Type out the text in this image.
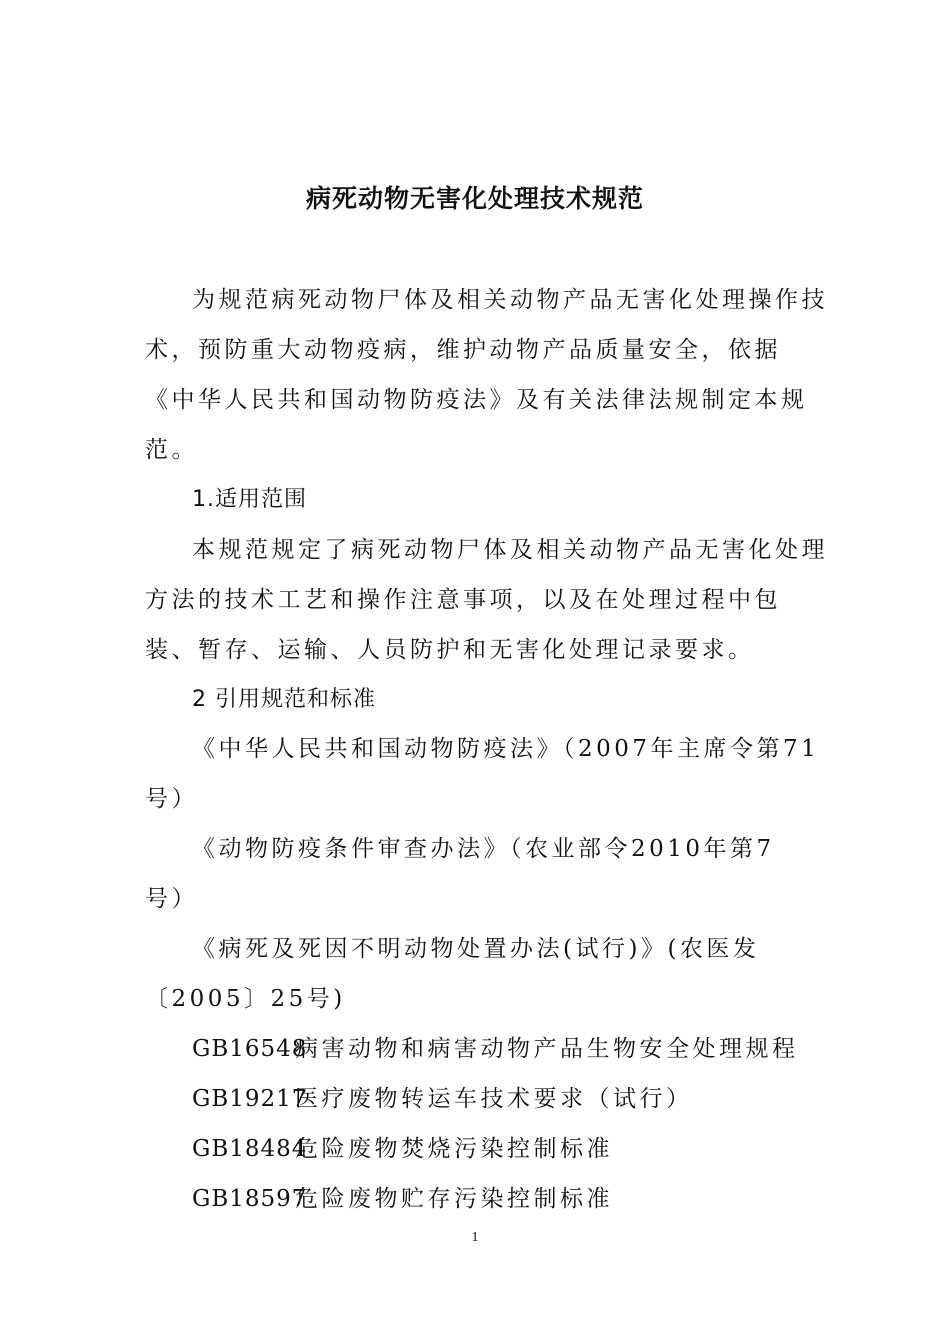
病死动物无害化处理技术规范

为规范病死动物尸体及相关动物产品无害化处理操作技

术，预防重大动物疫病，维护动物产品质量安全，依据

《中华人民共和国动物防疫法》及有关法律法规制定本规

范。

1.适用范围

本规范规定了病死动物尸体及相关动物产品无害化处理

方法的技术工艺和操作注意事项，以及在处理过程中包

装、暂存、运输、人员防护和无害化处理记录要求。

2 引用规范和标准

《中华人民共和国动物防疫法》（2007年主席令第71

号）

《动物防疫条件审查办法》（农业部令2010年第7

号）

《病死及死因不明动物处置办法(试行)》(农医发

〔2005〕25号)

GB16548病害动物和病害动物产品生物安全处理规程

GB19217医疗废物转运车技术要求（试行）

GB18484危险废物焚烧污染控制标准

GB18597危险废物贮存污染控制标准

1
